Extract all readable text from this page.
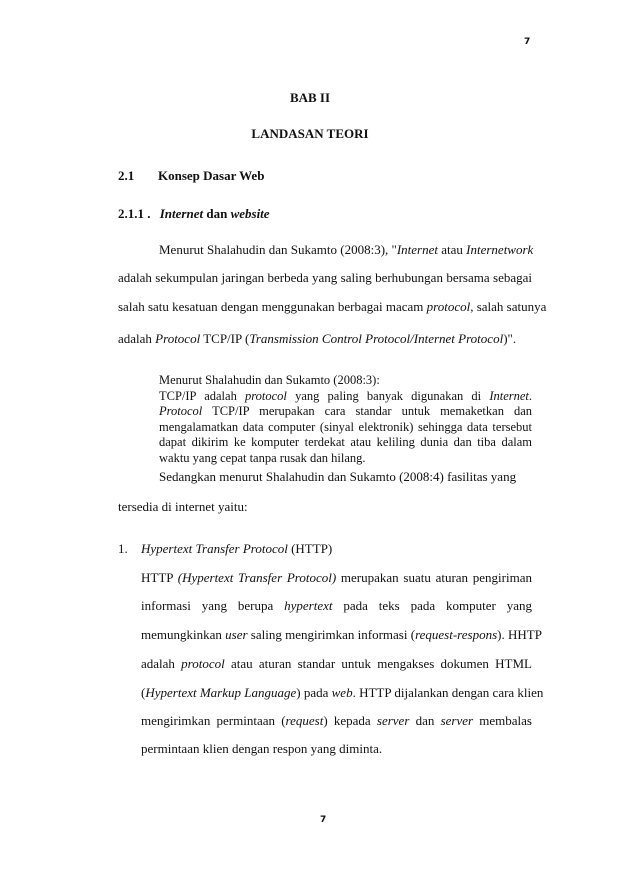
7
BAB II
LANDASAN TEORI
2.1 Konsep Dasar Web
2.1.1 . Internet dan website
Menurut Shalahudin dan Sukamto (2008:3), "Internet atau Internetwork
adalah sekumpulan jaringan berbeda yang saling berhubungan bersama sebagai
salah satu kesatuan dengan menggunakan berbagai macam protocol, salah satunya
adalah Protocol TCP/IP (Transmission Control Protocol/Internet Protocol)".
Menurut Shalahudin dan Sukamto (2008:3):
TCP/IP adalah protocol yang paling banyak digunakan di Internet.
Protocol TCP/IP merupakan cara standar untuk memaketkan dan
mengalamatkan data computer (sinyal elektronik) sehingga data tersebut
dapat dikirim ke komputer terdekat atau keliling dunia dan tiba dalam
waktu yang cepat tanpa rusak dan hilang.
Sedangkan menurut Shalahudin dan Sukamto (2008:4) fasilitas yang
tersedia di internet yaitu:
1. Hypertext Transfer Protocol (HTTP)
HTTP (Hypertext Transfer Protocol) merupakan suatu aturan pengiriman
informasi yang berupa hypertext pada teks pada komputer yang
memungkinkan user saling mengirimkan informasi (request-respons). HHTP
adalah protocol atau aturan standar untuk mengakses dokumen HTML
(Hypertext Markup Language) pada web. HTTP dijalankan dengan cara klien
mengirimkan permintaan (request) kepada server dan server membalas
permintaan klien dengan respon yang diminta.
7
